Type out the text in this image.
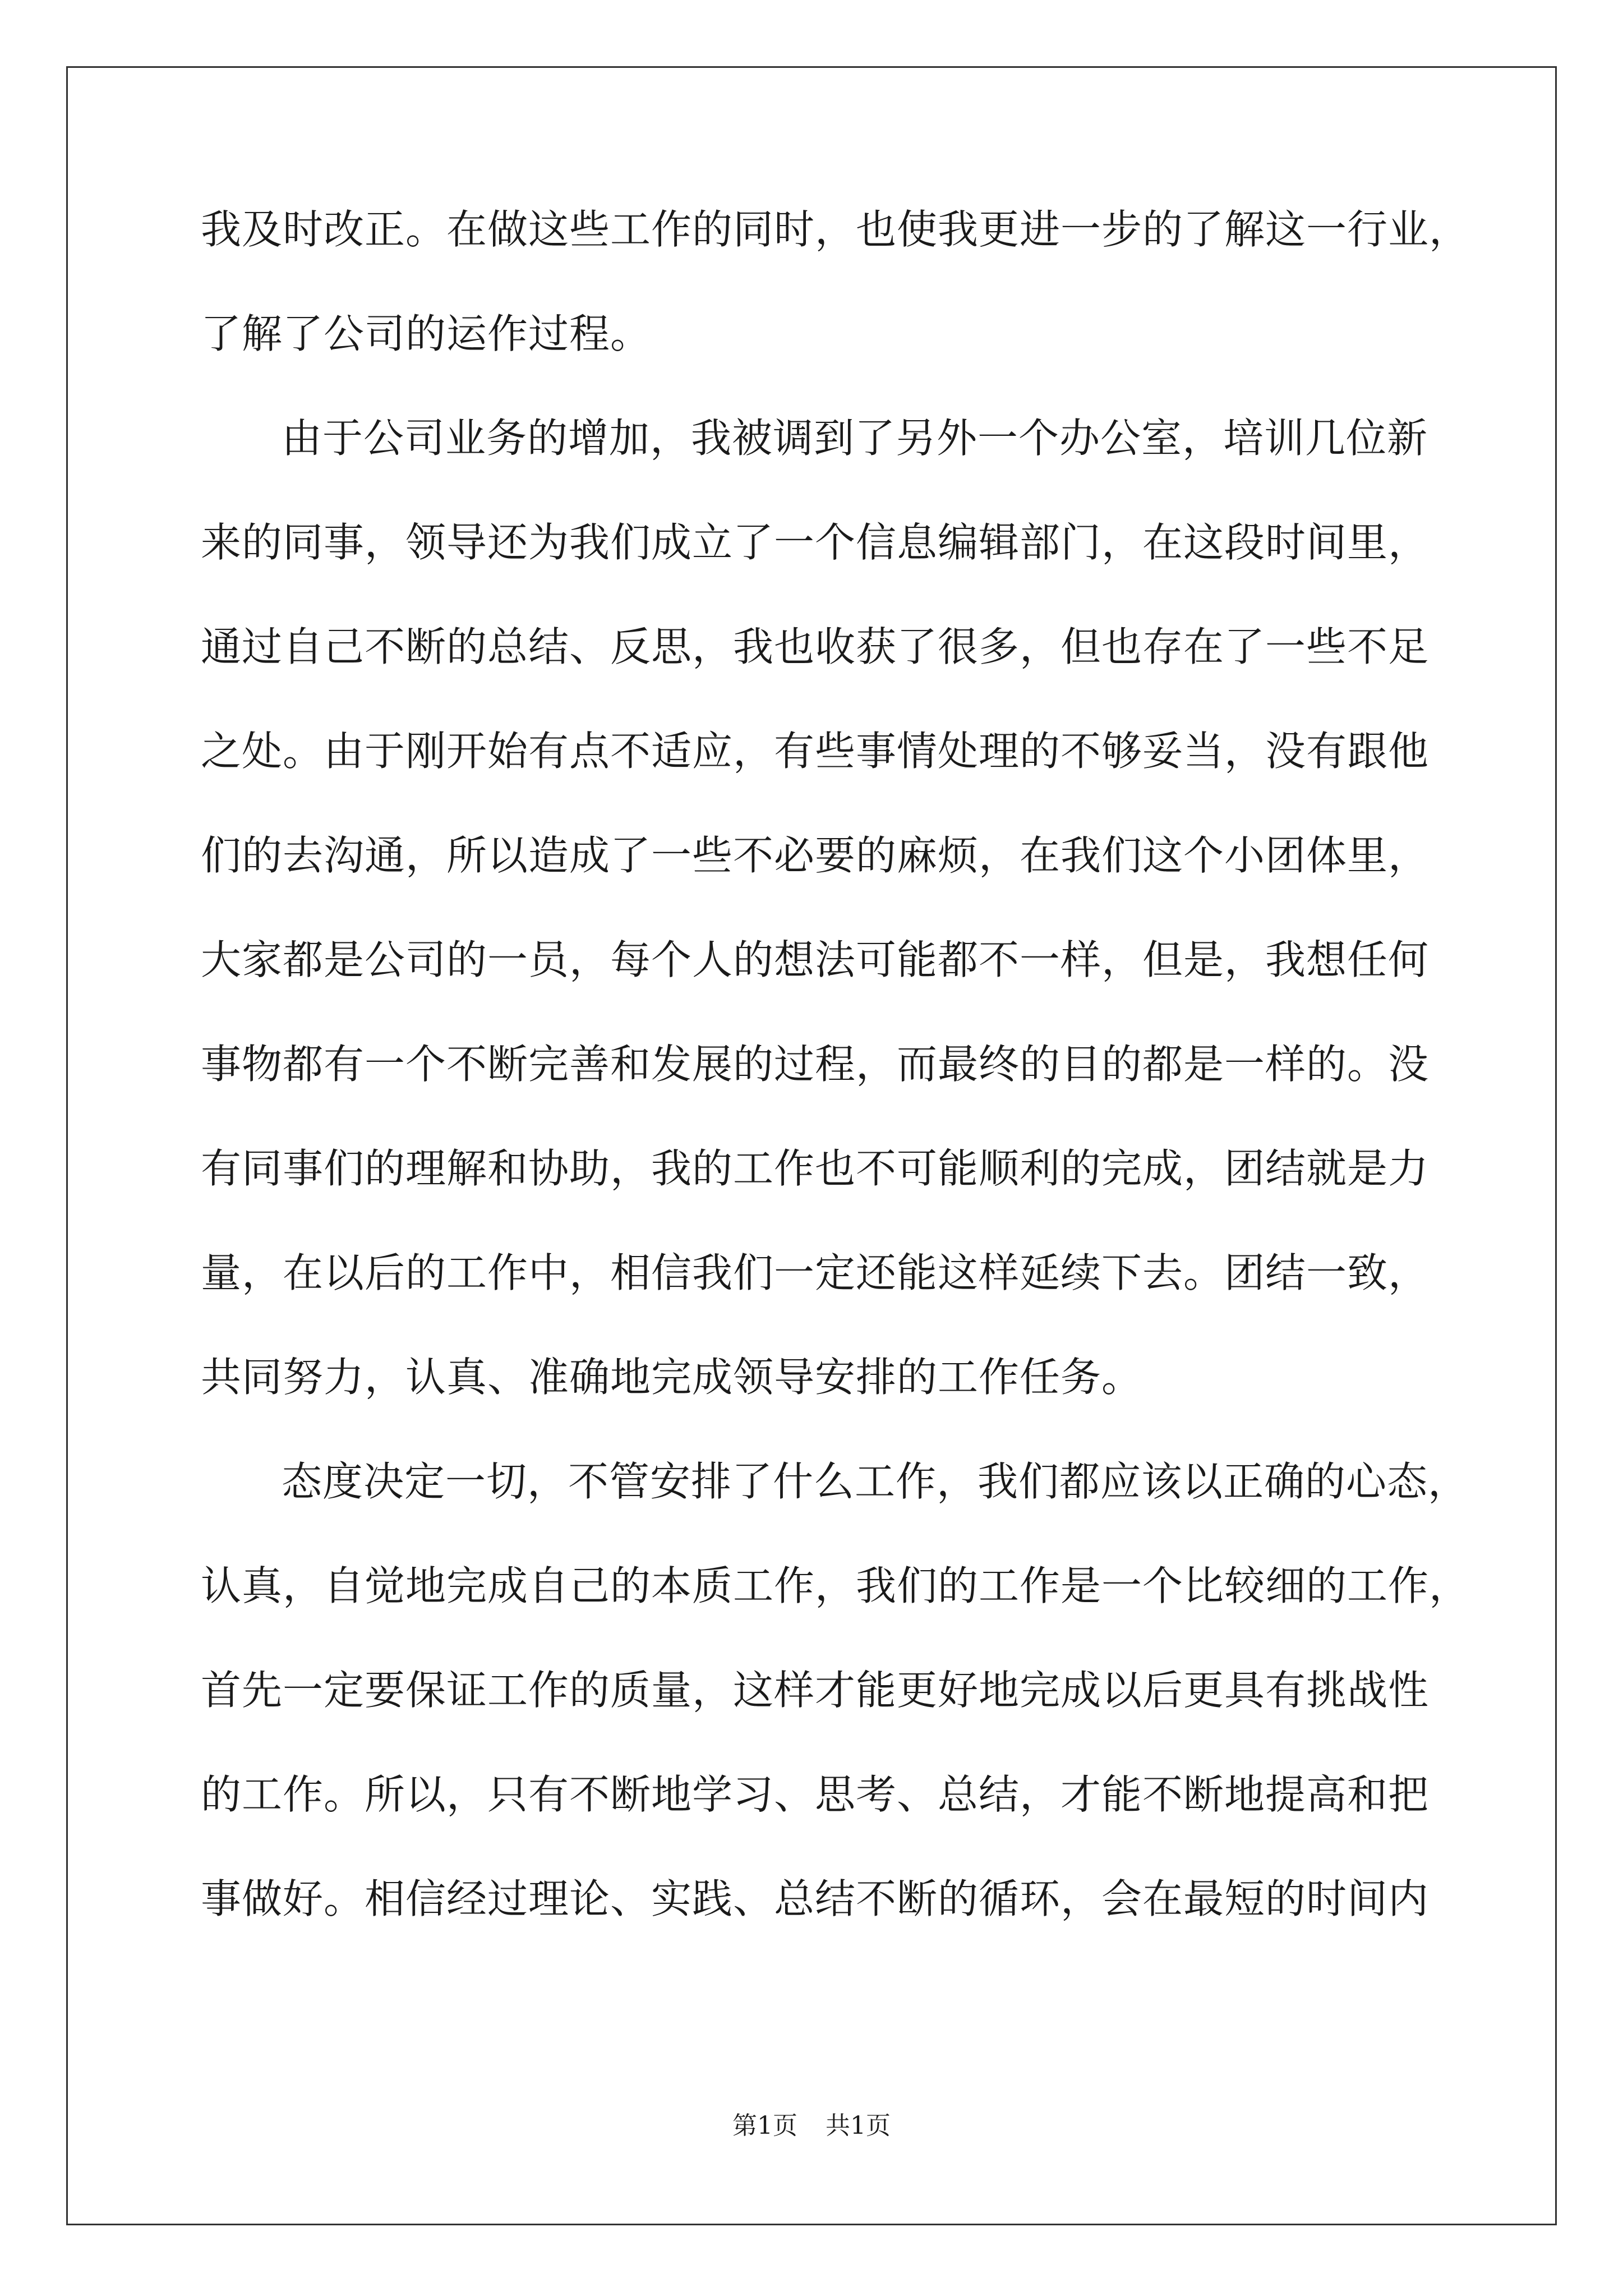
我及时改正。在做这些工作的同时，也使我更进一步的了解这一行业，
了解了公司的运作过程。
由于公司业务的增加，我被调到了另外一个办公室，培训几位新
来的同事，领导还为我们成立了一个信息编辑部门，在这段时间里，
通过自己不断的总结、反思，我也收获了很多，但也存在了一些不足
之处。由于刚开始有点不适应，有些事情处理的不够妥当，没有跟他
们的去沟通，所以造成了一些不必要的麻烦，在我们这个小团体里，
大家都是公司的一员，每个人的想法可能都不一样，但是，我想任何
事物都有一个不断完善和发展的过程，而最终的目的都是一样的。没
有同事们的理解和协助，我的工作也不可能顺利的完成，团结就是力
量，在以后的工作中，相信我们一定还能这样延续下去。团结一致，
共同努力，认真、准确地完成领导安排的工作任务。
态度决定一切，不管安排了什么工作，我们都应该以正确的心态，
认真，自觉地完成自己的本质工作，我们的工作是一个比较细的工作，
首先一定要保证工作的质量，这样才能更好地完成以后更具有挑战性
的工作。所以，只有不断地学习、思考、总结，才能不断地提高和把
事做好。相信经过理论、实践、总结不断的循环，会在最短的时间内
第1页 共1页
